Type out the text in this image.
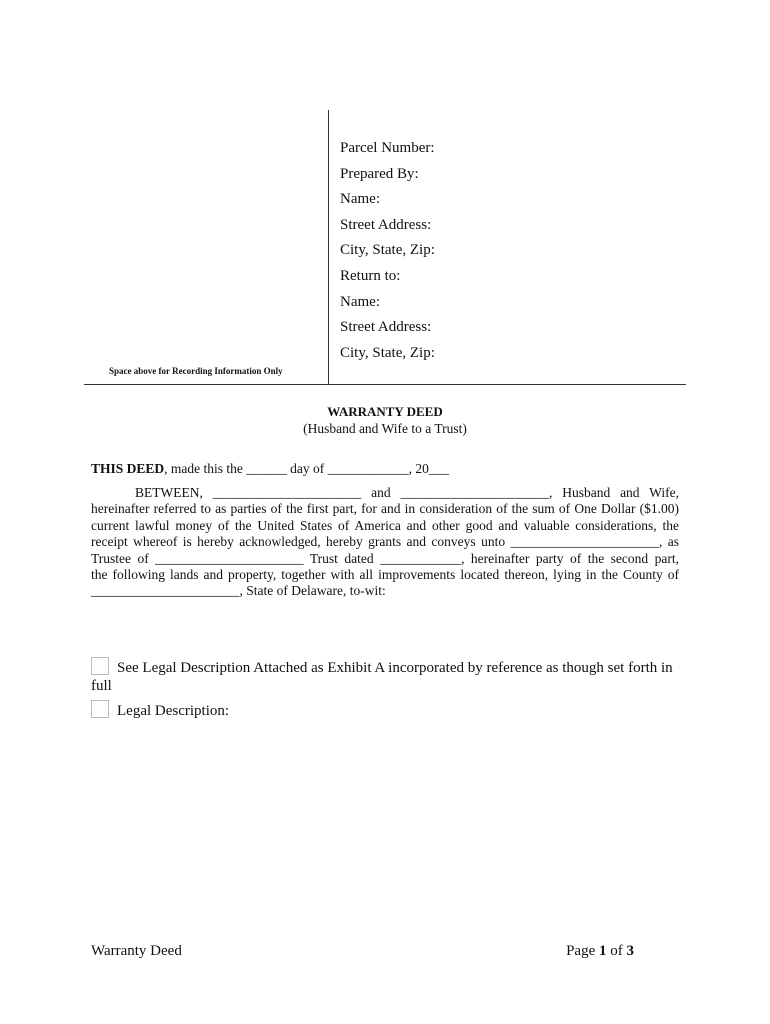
Parcel Number:
Prepared By:
Name:
Street Address:
City, State, Zip:
Return to:
Name:
Street Address:
City, State, Zip:
Space above for Recording Information Only
WARRANTY DEED
(Husband and Wife to a Trust)
THIS DEED, made this the ______ day of ____________, 20___
BETWEEN, ______________________ and ______________________, Husband and Wife,
hereinafter referred to as parties of the first part, for and in consideration of the sum of One Dollar ($1.00)
current lawful money of the United States of America and other good and valuable considerations, the
receipt whereof is hereby acknowledged, hereby grants and conveys unto ______________________, as
Trustee of ______________________ Trust dated ____________, hereinafter party of the second part,
the following lands and property, together with all improvements located thereon, lying in the County of
______________________, State of Delaware, to-wit:
See Legal Description Attached as Exhibit A incorporated by reference as though set forth in full
Legal Description:
Warranty Deed	Page 1 of 3
